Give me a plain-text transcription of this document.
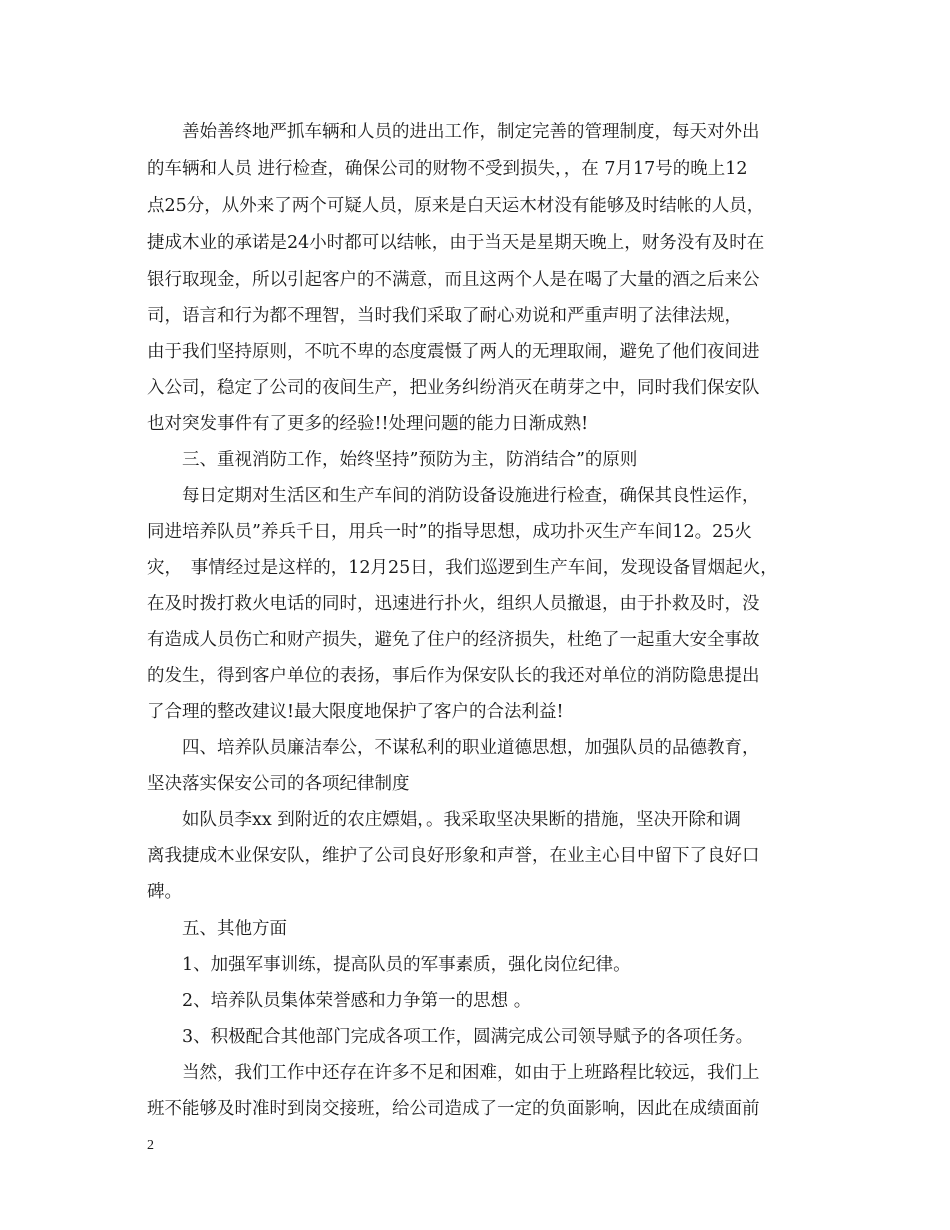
　　善始善终地严抓车辆和人员的进出工作，制定完善的管理制度，每天对外出
的车辆和人员 进行检查，确保公司的财物不受到损失，，在 7月17号的晚上12
点25分，从外来了两个可疑人员，原来是白天运木材没有能够及时结帐的人员，
捷成木业的承诺是24小时都可以结帐，由于当天是星期天晚上，财务没有及时在
银行取现金，所以引起客户的不满意，而且这两个人是在喝了大量的酒之后来公
司，语言和行为都不理智，当时我们采取了耐心劝说和严重声明了法律法规，
由于我们坚持原则，不吭不卑的态度震慑了两人的无理取闹，避免了他们夜间进
入公司，稳定了公司的夜间生产，把业务纠纷消灭在萌芽之中，同时我们保安队
也对突发事件有了更多的经验!!处理问题的能力日渐成熟!
　　三、重视消防工作，始终坚持”预防为主，防消结合”的原则
　　每日定期对生活区和生产车间的消防设备设施进行检查，确保其良性运作，
同进培养队员”养兵千日，用兵一时”的指导思想，成功扑灭生产车间12。25火
灾，　事情经过是这样的，12月25日，我们巡逻到生产车间，发现设备冒烟起火，
在及时拨打救火电话的同时，迅速进行扑火，组织人员撤退，由于扑救及时，没
有造成人员伤亡和财产损失，避免了住户的经济损失，杜绝了一起重大安全事故
的发生，得到客户单位的表扬，事后作为保安队长的我还对单位的消防隐患提出
了合理的整改建议!最大限度地保护了客户的合法利益!
　　四、培养队员廉洁奉公，不谋私利的职业道德思想，加强队员的品德教育，
坚决落实保安公司的各项纪律制度
　　如队员李xx 到附近的农庄嫖娼，。我采取坚决果断的措施，坚决开除和调
离我捷成木业保安队，维护了公司良好形象和声誉，在业主心目中留下了良好口
碑。
　　五、其他方面
　　1、加强军事训练，提高队员的军事素质，强化岗位纪律。
　　2、培养队员集体荣誉感和力争第一的思想 。
　　3、积极配合其他部门完成各项工作，圆满完成公司领导赋予的各项任务。
　　当然，我们工作中还存在许多不足和困难，如由于上班路程比较远，我们上
班不能够及时准时到岗交接班，给公司造成了一定的负面影响，因此在成绩面前
2
